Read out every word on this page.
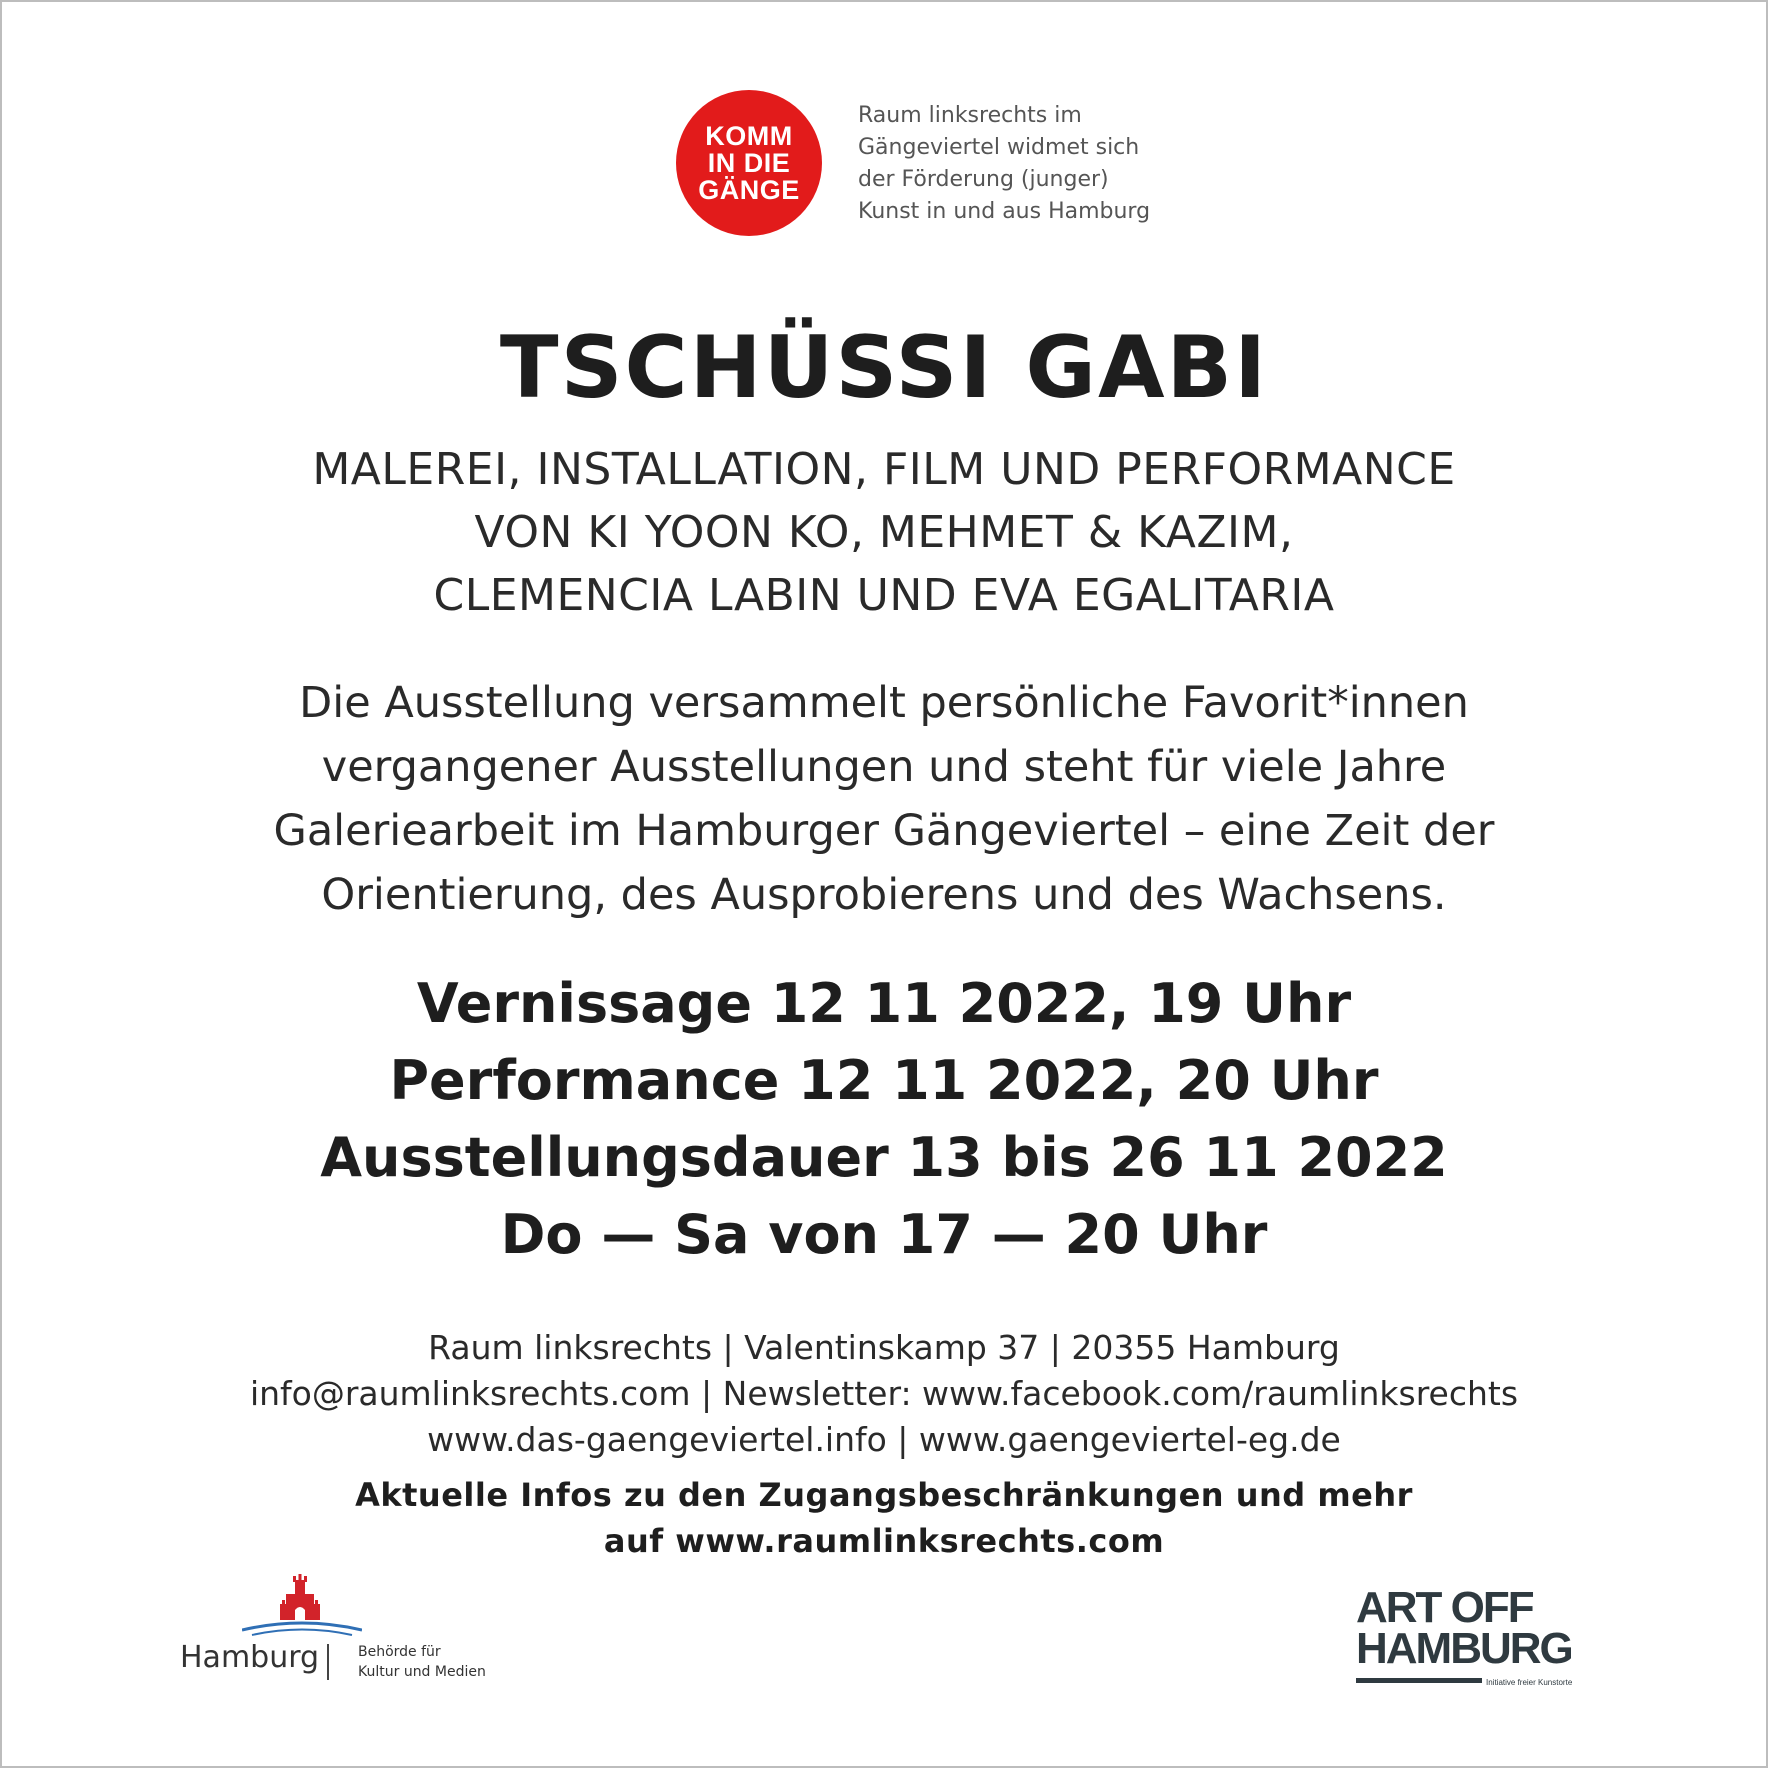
KOMM
IN DIE
GÄNGE
Raum linksrechts im
Gängeviertel widmet sich
der Förderung (junger)
Kunst in und aus Hamburg
TSCHÜSSI GABI
MALEREI, INSTALLATION, FILM UND PERFORMANCE
VON KI YOON KO, MEHMET & KAZIM,
CLEMENCIA LABIN UND EVA EGALITARIA
Die Ausstellung versammelt persönliche Favorit*innen
vergangener Ausstellungen und steht für viele Jahre
Galeriearbeit im Hamburger Gängeviertel – eine Zeit der
Orientierung, des Ausprobierens und des Wachsens.
Vernissage 12 11 2022, 19 Uhr
Performance 12 11 2022, 20 Uhr
Ausstellungsdauer 13 bis 26 11 2022
Do — Sa von 17 — 20 Uhr
Raum linksrechts | Valentinskamp 37 | 20355 Hamburg
info@raumlinksrechts.com | Newsletter: www.facebook.com/raumlinksrechts
www.das-gaengeviertel.info | www.gaengeviertel-eg.de
Aktuelle Infos zu den Zugangsbeschränkungen und mehr
auf www.raumlinksrechts.com
Hamburg	Behörde für
Kultur und Medien
ART OFF
HAMBURG
Initiative freier Kunstorte
